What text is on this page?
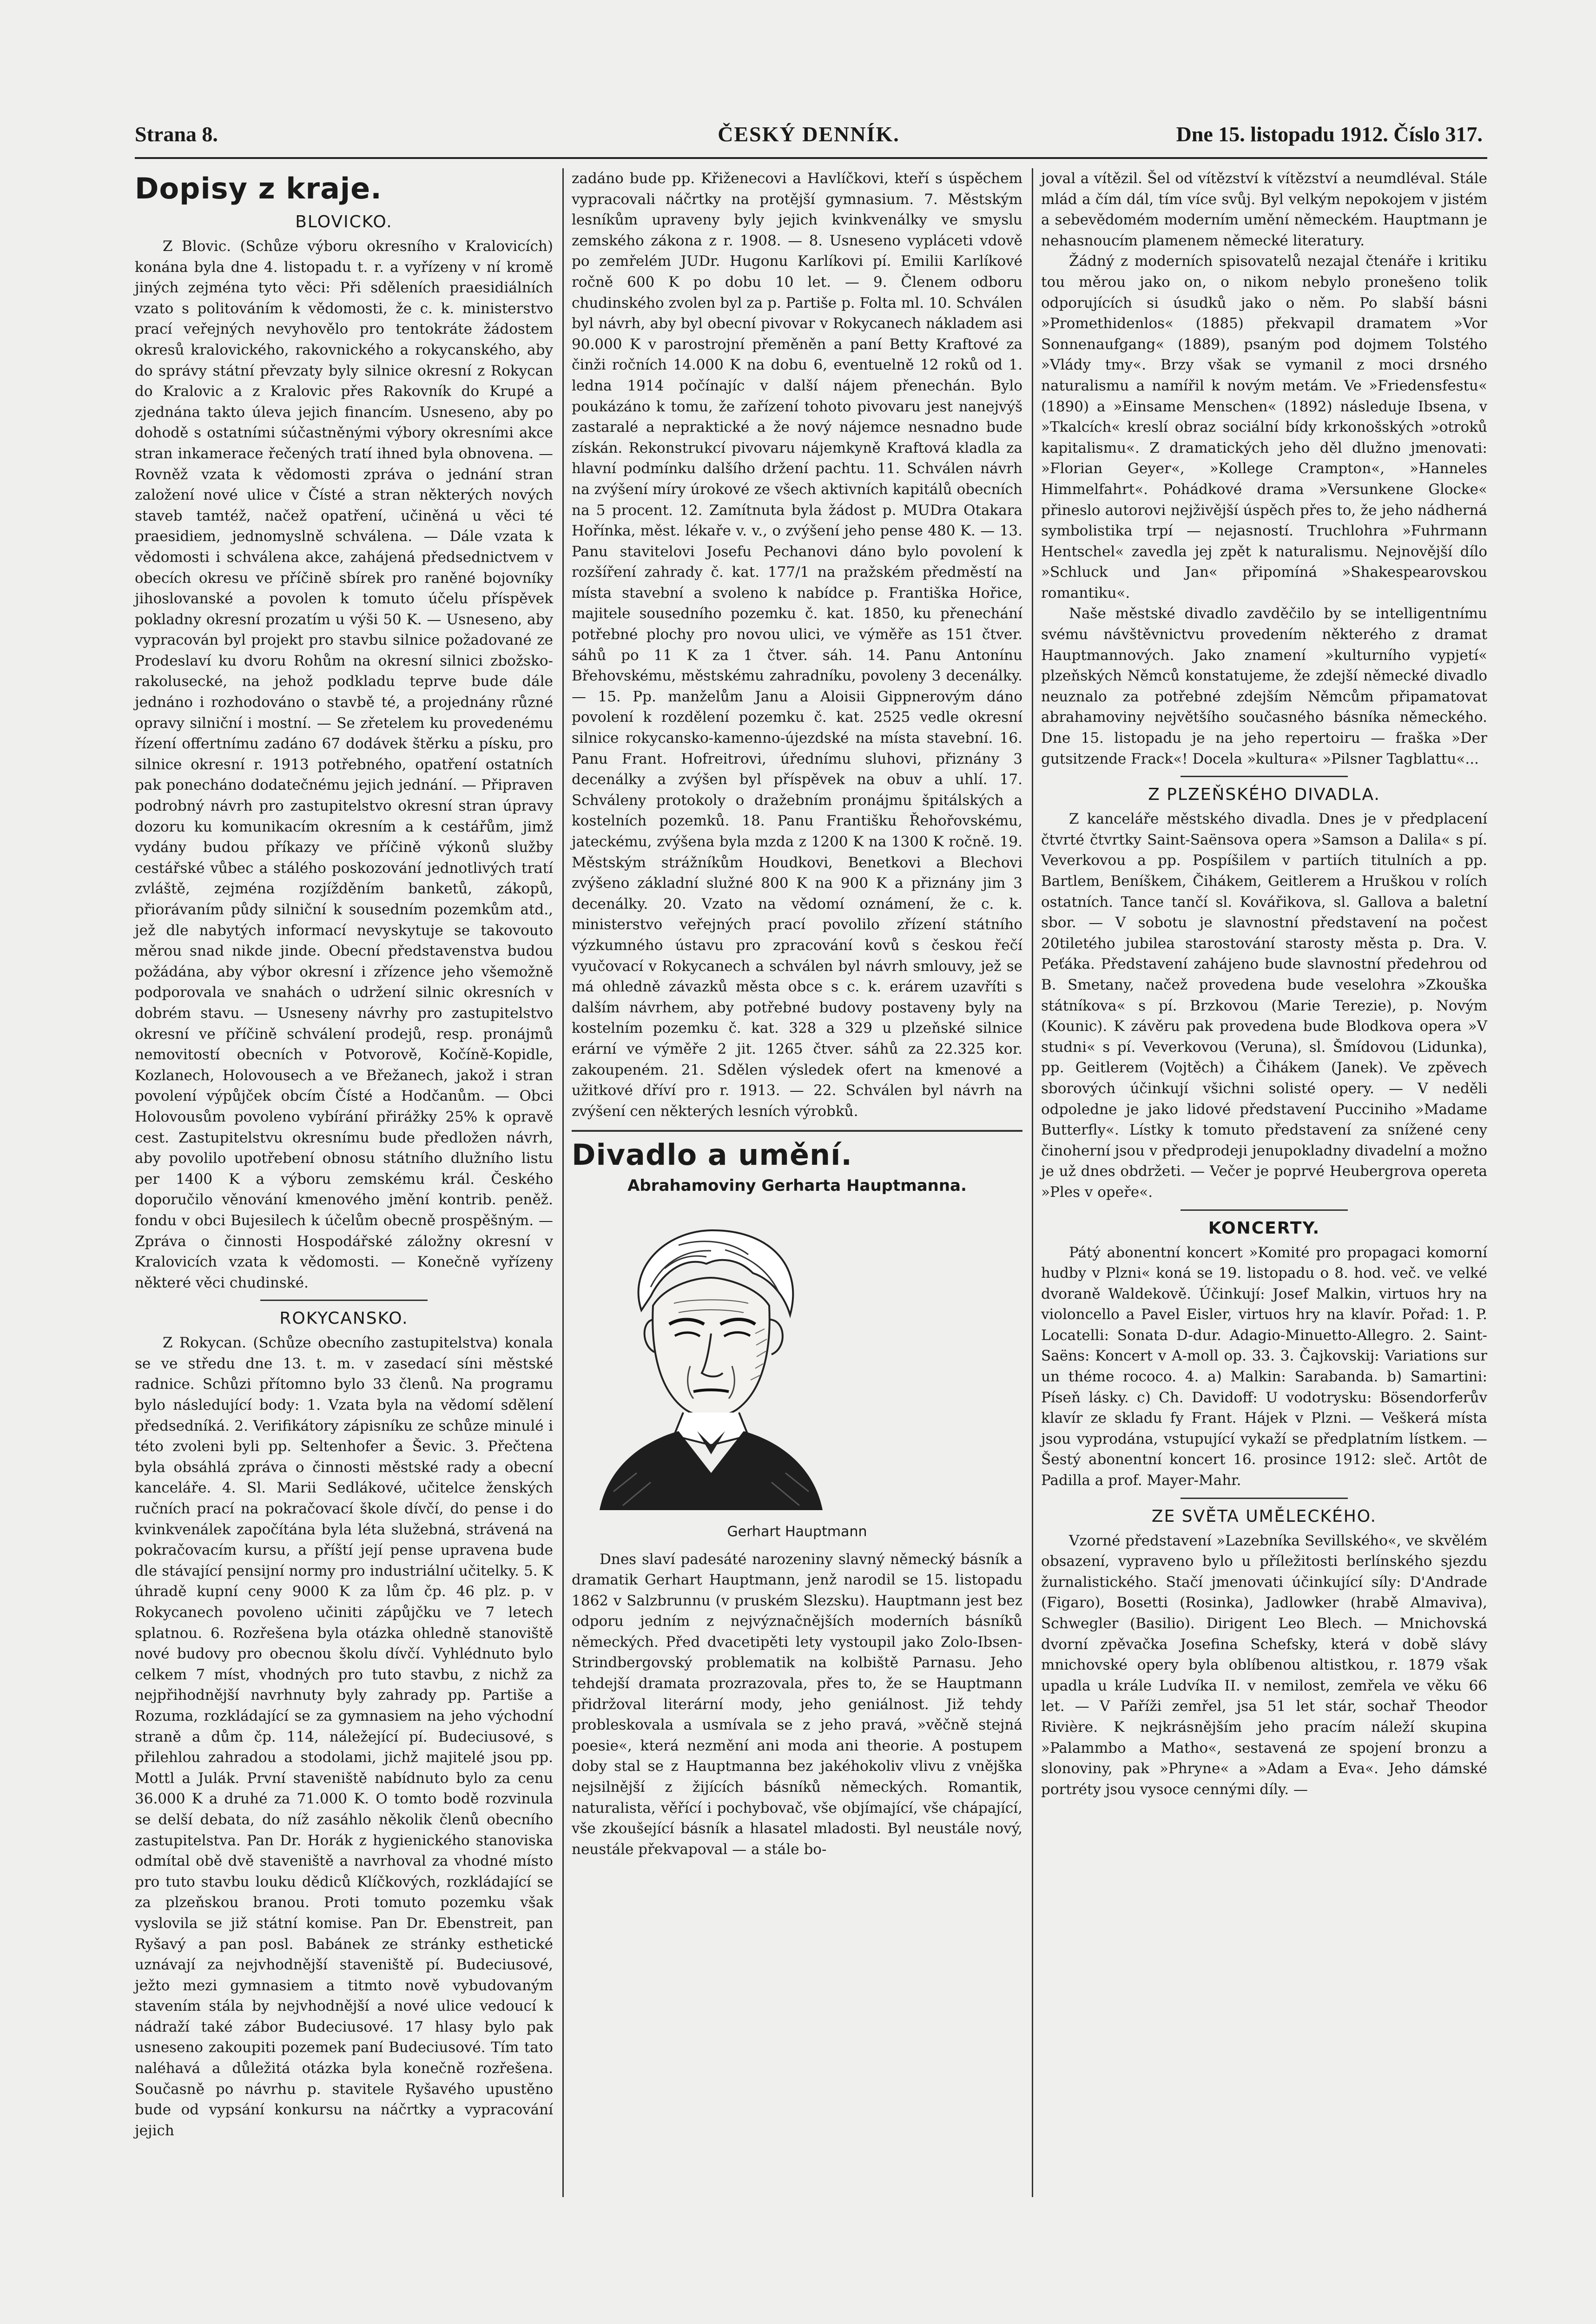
Strana 8.	ČESKÝ DENNÍK.	Dne 15. listopadu 1912. Číslo 317.
Dopisy z kraje.
BLOVICKO.

Z Blovic. (Schůze výboru okresního v Kralovicích) konána byla dne 4. listopadu t. r. a vyřízeny v ní kromě jiných zejména tyto věci: Při sděleních praesidiálních vzato s politováním k vědomosti, že c. k. ministerstvo prací veřejných nevyhovělo pro tentokráte žádostem okresů kralovického, rakovnického a rokycanského, aby do správy státní převzaty byly silnice okresní z Rokycan do Kralovic a z Kralovic přes Rakovník do Krupé a zjednána takto úleva jejich financím. Usneseno, aby po dohodě s ostatními súčastněnými výbory okresními akce stran inkamerace řečených tratí ihned byla obnovena. — Rovněž vzata k vědomosti zpráva o jednání stran založení nové ulice v Čísté a stran některých nových staveb tamtéž, načež opatření, učiněná u věci té praesidiem, jednomyslně schválena. — Dále vzata k vědomosti i schválena akce, zahájená předsednictvem v obecích okresu ve příčině sbírek pro raněné bojovníky jihoslovanské a povolen k tomuto účelu příspěvek pokladny okresní prozatím u výši 50 K. — Usneseno, aby vypracován byl projekt pro stavbu silnice požadované ze Prodeslaví ku dvoru Rohům na okresní silnici zbožsko-rakolusecké, na jehož podkladu teprve bude dále jednáno i rozhodováno o stavbě té, a projednány různé opravy silniční i mostní. — Se zřetelem ku provedenému řízení offertnímu zadáno 67 dodávek štěrku a písku, pro silnice okresní r. 1913 potřebného, opatření ostatních pak ponecháno dodatečnému jejich jednání. — Připraven podrobný návrh pro zastupitelstvo okresní stran úpravy dozoru ku komunikacím okresním a k cestářům, jimž vydány budou příkazy ve příčině výkonů služby cestářské vůbec a stálého poskozování jednotlivých tratí zvláště, zejména rozjížděním banketů, zákopů, přiorávaním půdy silniční k sousedním pozemkům atd., jež dle nabytých informací nevyskytuje se takovouto měrou snad nikde jinde. Obecní představenstva budou požádána, aby výbor okresní i zřízence jeho všemožně podporovala ve snahách o udržení silnic okresních v dobrém stavu. — Usneseny návrhy pro zastupitelstvo okresní ve příčině schválení prodejů, resp. pronájmů nemovitostí obecních v Potvorově, Kočíně-Kopidle, Kozlanech, Holovousech a ve Břežanech, jakož i stran povolení výpůjček obcím Čísté a Hodčanům. — Obci Holovousům povoleno vybírání přirážky 25% k opravě cest. Zastupitelstvu okresnímu bude předložen návrh, aby povolilo upotřebení obnosu státního dlužního listu per 1400 K a výboru zemskému král. Českého doporučilo věnování kmenového jmění kontrib. peněž. fondu v obci Bujesilech k účelům obecně prospěšným. — Zpráva o činnosti Hospodářské záložny okresní v Kralovicích vzata k vědomosti. — Konečně vyřízeny některé věci chudinské.

ROKYCANSKO.

Z Rokycan. (Schůze obecního zastupitelstva) konala se ve středu dne 13. t. m. v zasedací síni městské radnice. Schůzi přítomno bylo 33 členů. Na programu bylo následující body: 1. Vzata byla na vědomí sdělení předsedníká. 2. Verifikátory zápisníku ze schůze minulé i této zvoleni byli pp. Seltenhofer a Ševic. 3. Přečtena byla obsáhlá zpráva o činnosti městské rady a obecní kanceláře. 4. Sl. Marii Sedlákové, učitelce ženských ručních prací na pokračovací škole dívčí, do pense i do kvinkvenálek započítána byla léta služebná, strávená na pokračovacím kursu, a příští její pense upravena bude dle stávající pensijní normy pro industriální učitelky. 5. K úhradě kupní ceny 9000 K za lům čp. 46 plz. p. v Rokycanech povoleno učiniti zápůjčku ve 7 letech splatnou. 6. Rozřešena byla otázka ohledně stanoviště nové budovy pro obecnou školu dívčí. Vyhlédnuto bylo celkem 7 míst, vhodných pro tuto stavbu, z nichž za nejpřihodnější navrhnuty byly zahrady pp. Partiše a Rozuma, rozkládající se za gymnasiem na jeho východní straně a dům čp. 114, náležející pí. Budeciusové, s přilehlou zahradou a stodolami, jichž majitelé jsou pp. Mottl a Julák. První staveniště nabídnuto bylo za cenu 36.000 K a druhé za 71.000 K. O tomto bodě rozvinula se delší debata, do níž zasáhlo několik členů obecního zastupitelstva. Pan Dr. Horák z hygienického stanoviska odmítal obě dvě staveniště a navrhoval za vhodné místo pro tuto stavbu louku dědiců Klíčkových, rozkládající se za plzeňskou branou. Proti tomuto pozemku však vyslovila se již státní komise. Pan Dr. Ebenstreit, pan Ryšavý a pan posl. Babánek ze stránky esthetické uznávají za nejvhodnější staveniště pí. Budeciusové, ježto mezi gymnasiem a titmto nově vybudovaným stavením stála by nejvhodnější a nové ulice vedoucí k nádraží také zábor Budeciusové. 17 hlasy bylo pak usneseno zakoupiti pozemek paní Budeciusové. Tím tato naléhavá a důležitá otázka byla konečně rozřešena. Současně po návrhu p. stavitele Ryšavého upustěno bude od vypsání konkursu na náčrtky a vypracování jejich

zadáno bude pp. Křiženecovi a Havlíčkovi, kteří s úspěchem vypracovali náčrtky na protější gymnasium. 7. Městským lesníkům upraveny byly jejich kvinkvenálky ve smyslu zemského zákona z r. 1908. — 8. Usneseno vypláceti vdově po zemřelém JUDr. Hugonu Karlíkovi pí. Emilii Karlíkové ročně 600 K po dobu 10 let. — 9. Členem odboru chudinského zvolen byl za p. Partiše p. Folta ml. 10. Schválen byl návrh, aby byl obecní pivovar v Rokycanech nákladem asi 90.000 K v parostrojní přeměněn a paní Betty Kraftové za činži ročních 14.000 K na dobu 6, eventuelně 12 roků od 1. ledna 1914 počínajíc v další nájem přenechán. Bylo poukázáno k tomu, že zařízení tohoto pivovaru jest nanejvýš zastaralé a nepraktické a že nový nájemce nesnadno bude získán. Rekonstrukcí pivovaru nájemkyně Kraftová kladla za hlavní podmínku dalšího držení pachtu. 11. Schválen návrh na zvýšení míry úrokové ze všech aktivních kapitálů obecních na 5 procent. 12. Zamítnuta byla žádost p. MUDra Otakara Hořínka, měst. lékaře v. v., o zvýšení jeho pense 480 K. — 13. Panu stavitelovi Josefu Pechanovi dáno bylo povolení k rozšíření zahrady č. kat. 177/1 na pražském předměstí na místa stavební a svoleno k nabídce p. Františka Hořice, majitele sousedního pozemku č. kat. 1850, ku přenechání potřebné plochy pro novou ulici, ve výměře as 151 čtver. sáhů po 11 K za 1 čtver. sáh. 14. Panu Antonínu Břehovskému, městskému zahradníku, povoleny 3 decenálky. — 15. Pp. manželům Janu a Aloisii Gippnerovým dáno povolení k rozdělení pozemku č. kat. 2525 vedle okresní silnice rokycansko-kamenno-újezdské na místa stavební. 16. Panu Frant. Hofreitrovi, úřednímu sluhovi, přiznány 3 decenálky a zvýšen byl příspěvek na obuv a uhlí. 17. Schváleny protokoly o dražebním pronájmu špitálských a kostelních pozemků. 18. Panu Františku Řehořovskému, jateckému, zvýšena byla mzda z 1200 K na 1300 K ročně. 19. Městským strážníkům Houdkovi, Benetkovi a Blechovi zvýšeno základní služné 800 K na 900 K a přiznány jim 3 decenálky. 20. Vzato na vědomí oznámení, že c. k. ministerstvo veřejných prací povolilo zřízení státního výzkumného ústavu pro zpracování kovů s českou řečí vyučovací v Rokycanech a schválen byl návrh smlouvy, jež se má ohledně závazků města obce s c. k. erárem uzavříti s dalším návrhem, aby potřebné budovy postaveny byly na kostelním pozemku č. kat. 328 a 329 u plzeňské silnice erární ve výměře 2 jit. 1265 čtver. sáhů za 22.325 kor. zakoupeném. 21. Sdělen výsledek ofert na kmenové a užitkové dříví pro r. 1913. — 22. Schválen byl návrh na zvýšení cen některých lesních výrobků.

Divadlo a umění.
Abrahamoviny Gerharta Hauptmanna.
Gerhart Hauptmann

Dnes slaví padesáté narozeniny slavný německý básník a dramatik Gerhart Hauptmann, jenž narodil se 15. listopadu 1862 v Salzbrunnu (v pruském Slezsku). Hauptmann jest bez odporu jedním z nejvýznačnějších moderních básníků německých. Před dvacetipěti lety vystoupil jako Zolo-Ibsen-Strindbergovský problematik na kolbiště Parnasu. Jeho tehdejší dramata prozrazovala, přes to, že se Hauptmann přidržoval literární mody, jeho geniálnost. Již tehdy probleskovala a usmívala se z jeho pravá, »věčně stejná poesie«, která nezmění ani moda ani theorie. A postupem doby stal se z Hauptmanna bez jakéhokoliv vlivu z vnějška nejsilnější z žijících básníků německých. Romantik, naturalista, věřící i pochybovač, vše objímající, vše chápající, vše zkoušející básník a hlasatel mladosti. Byl neustále nový, neustále překvapoval — a stále bo-

joval a vítězil. Šel od vítězství k vítězství a neumdléval. Stále mlád a čím dál, tím více svůj. Byl velkým nepokojem v jistém a sebevědomém moderním umění německém. Hauptmann je nehasnoucím plamenem německé literatury.

Žádný z moderních spisovatelů nezajal čtenáře i kritiku tou měrou jako on, o nikom nebylo pronešeno tolik odporujících si úsudků jako o něm. Po slabší básni »Promethidenlos« (1885) překvapil dramatem »Vor Sonnenaufgang« (1889), psaným pod dojmem Tolstého »Vlády tmy«. Brzy však se vymanil z moci drsného naturalismu a namířil k novým metám. Ve »Friedensfestu« (1890) a »Einsame Menschen« (1892) následuje Ibsena, v »Tkalcích« kreslí obraz sociální bídy krkonošských »otroků kapitalismu«. Z dramatických jeho děl dlužno jmenovati: »Florian Geyer«, »Kollege Crampton«, »Hanneles Himmelfahrt«. Pohádkové drama »Versunkene Glocke« přineslo autorovi nejživější úspěch přes to, že jeho nádherná symbolistika trpí — nejasností. Truchlohra »Fuhrmann Hentschel« zavedla jej zpět k naturalismu. Nejnovější dílo »Schluck und Jan« připomíná »Shakespearovskou romantiku«.

Naše městské divadlo zavděčilo by se intelligentnímu svému návštěvnictvu provedením některého z dramat Hauptmannových. Jako znamení »kulturního vypjetí« plzeňských Němců konstatujeme, že zdejší německé divadlo neuznalo za potřebné zdejším Němcům připamatovat abrahamoviny největšího současného básníka německého. Dne 15. listopadu je na jeho repertoiru — fraška »Der gutsitzende Frack«! Docela »kultura« »Pilsner Tagblattu«...

Z PLZEŇSKÉHO DIVADLA.

Z kanceláře městského divadla. Dnes je v předplacení čtvrté čtvrtky Saint-Saënsova opera »Samson a Dalila« s pí. Veverkovou a pp. Pospíšilem v partiích titulních a pp. Bartlem, Beníškem, Čihákem, Geitlerem a Hruškou v rolích ostatních. Tance tančí sl. Kovářikova, sl. Gallova a baletní sbor. — V sobotu je slavnostní představení na počest 20tiletého jubilea starostování starosty města p. Dra. V. Peťáka. Představení zahájeno bude slavnostní předehrou od B. Smetany, načež provedena bude veselohra »Zkouška státníkova« s pí. Brzkovou (Marie Terezie), p. Novým (Kounic). K závěru pak provedena bude Blodkova opera »V studni« s pí. Veverkovou (Veruna), sl. Šmídovou (Lidunka), pp. Geitlerem (Vojtěch) a Čihákem (Janek). Ve zpěvech sborových účinkují všichni solisté opery. — V neděli odpoledne je jako lidové představení Pucciniho »Madame Butterfly«. Lístky k tomuto představení za snížené ceny činoherní jsou v předprodeji jenupokladny divadelní a možno je už dnes obdržeti. — Večer je poprvé Heubergrova opereta »Ples v opeře«.

KONCERTY.

Pátý abonentní koncert »Komité pro propagaci komorní hudby v Plzni« koná se 19. listopadu o 8. hod. več. ve velké dvoraně Waldekově. Účinkují: Josef Malkin, virtuos hry na violoncello a Pavel Eisler, virtuos hry na klavír. Pořad: 1. P. Locatelli: Sonata D-dur. Adagio-Minuetto-Allegro. 2. Saint-Saëns: Koncert v A-moll op. 33. 3. Čajkovskij: Variations sur un théme rococo. 4. a) Malkin: Sarabanda. b) Samartini: Píseň lásky. c) Ch. Davidoff: U vodotrysku: Bösendorferův klavír ze skladu fy Frant. Hájek v Plzni. — Veškerá místa jsou vyprodána, vstupující vykaží se předplatním lístkem. — Šestý abonentní koncert 16. prosince 1912: sleč. Artôt de Padilla a prof. Mayer-Mahr.

ZE SVĚTA UMĚLECKÉHO.

Vzorné představení »Lazebníka Sevillského«, ve skvělém obsazení, vypraveno bylo u příležitosti berlínského sjezdu žurnalistického. Stačí jmenovati účinkující síly: D'Andrade (Figaro), Bosetti (Rosinka), Jadlowker (hrabě Almaviva), Schwegler (Basilio). Dirigent Leo Blech. — Mnichovská dvorní zpěvačka Josefina Schefsky, která v době slávy mnichovské opery byla oblíbenou altistkou, r. 1879 však upadla u krále Ludvíka II. v nemilost, zemřela ve věku 66 let. — V Paříži zemřel, jsa 51 let stár, sochař Theodor Rivière. K nejkrásnějším jeho pracím náleží skupina »Palammbo a Matho«, sestavená ze spojení bronzu a slonoviny, pak »Phryne« a »Adam a Eva«. Jeho dámské portréty jsou vysoce cennými díly. —
